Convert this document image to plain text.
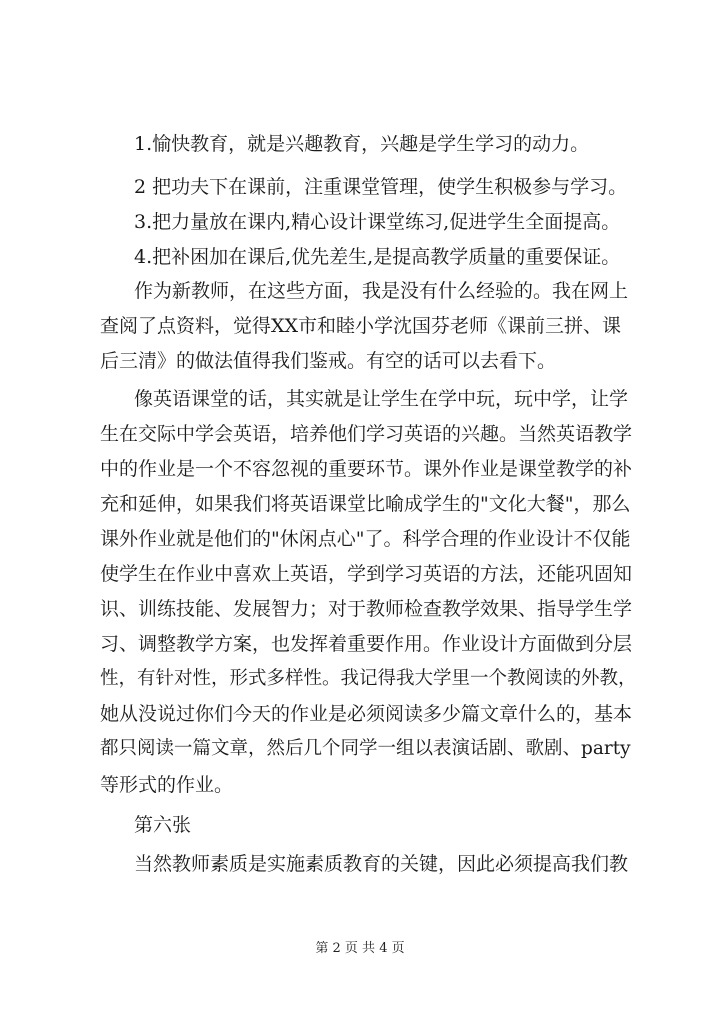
1.愉快教育，就是兴趣教育，兴趣是学生学习的动力。
2 把功夫下在课前，注重课堂管理，使学生积极参与学习。
3.把力量放在课内,精心设计课堂练习,促进学生全面提高。
4.把补困加在课后,优先差生,是提高教学质量的重要保证。
作为新教师，在这些方面，我是没有什么经验的。我在网上
查阅了点资料，觉得XX市和睦小学沈国芬老师《课前三拼、课
后三清》的做法值得我们鉴戒。有空的话可以去看下。
像英语课堂的话，其实就是让学生在学中玩，玩中学，让学
生在交际中学会英语，培养他们学习英语的兴趣。当然英语教学
中的作业是一个不容忽视的重要环节。课外作业是课堂教学的补
充和延伸，如果我们将英语课堂比喻成学生的"文化大餐"，那么
课外作业就是他们的"休闲点心"了。科学合理的作业设计不仅能
使学生在作业中喜欢上英语，学到学习英语的方法，还能巩固知
识、训练技能、发展智力；对于教师检查教学效果、指导学生学
习、调整教学方案，也发挥着重要作用。作业设计方面做到分层
性，有针对性，形式多样性。我记得我大学里一个教阅读的外教，
她从没说过你们今天的作业是必须阅读多少篇文章什么的，基本
都只阅读一篇文章，然后几个同学一组以表演话剧、歌剧、party
等形式的作业。
第六张
当然教师素质是实施素质教育的关键，因此必须提高我们教
第 2 页 共 4 页
